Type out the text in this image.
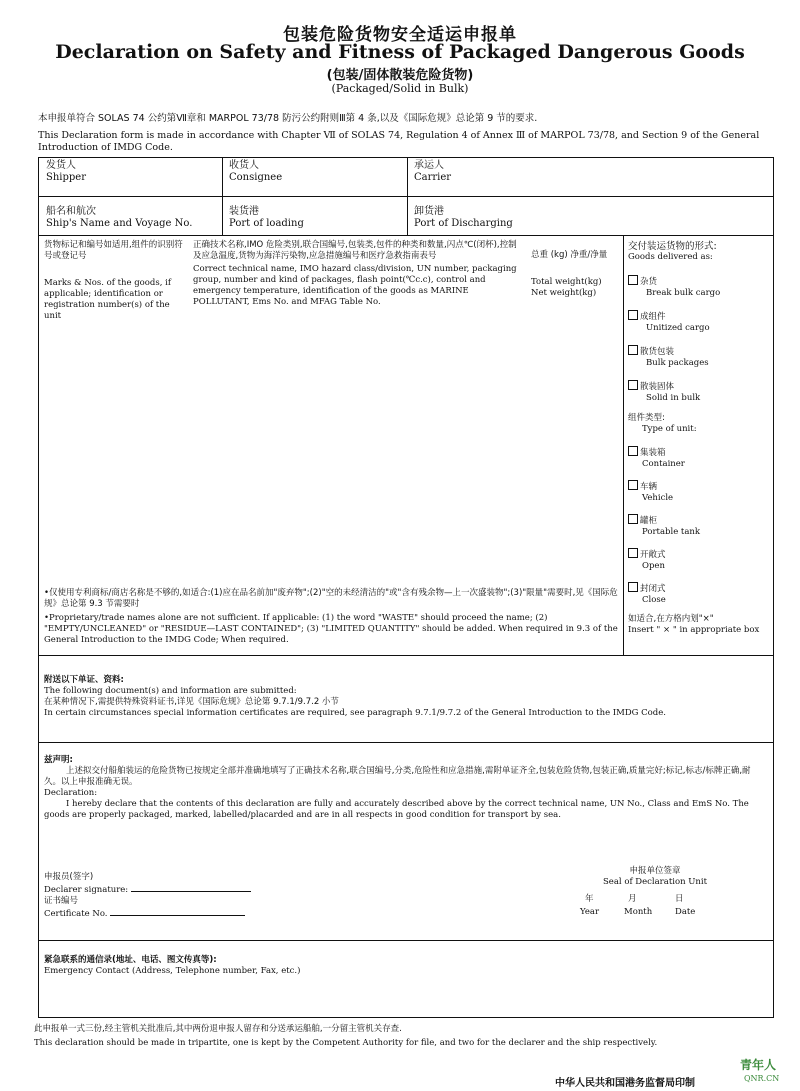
包装危险货物安全适运申报单
Declaration on Safety and Fitness of Packaged Dangerous Goods
(包装/固体散装危险货物)
(Packaged/Solid in Bulk)
本申报单符合 SOLAS 74 公约第Ⅶ章和 MARPOL 73/78 防污公约附则Ⅲ第 4 条,以及《国际危规》总论第 9 节的要求.
This Declaration form is made in accordance with Chapter Ⅶ of SOLAS 74, Regulation 4 of Annex Ⅲ of MARPOL 73/78, and Section 9 of the General Introduction of IMDG Code.
发货人
Shipper
收货人
Consignee
承运人
Carrier
船名和航次
Ship's Name and Voyage No.
装货港
Port of loading
卸货港
Port of Discharging
货物标记和编号如适用,组件的识别符号或登记号
Marks & Nos. of the goods, if applicable; identification or registration number(s) of the unit
正确技术名称,IMO 危险类别,联合国编号,包装类,包件的种类和数量,闪点℃(闭杯),控制及应急温度,货物为海洋污染物,应急措施编号和医疗急救指南表号
Correct technical name, IMO hazard class/division, UN number, packaging group, number and kind of packages, flash point(℃c.c), control and emergency temperature, identification of the goods as MARINE POLLUTANT, Ems No. and MFAG Table No.
总重 (kg) 净重/净量
Total weight(kg)
Net weight(kg)
•仅使用专利商标/商店名称是不够的,如适合:(1)应在品名前加"废弃物";(2)"空的未经清洁的"或"含有残余物—上一次盛装物";(3)"限量"需要时,见《国际危规》总论第 9.3 节需要时
•Proprietary/trade names alone are not sufficient. If applicable: (1) the word "WASTE" should proceed the name; (2) "EMPTY/UNCLEANED" or "RESIDUE—LAST CONTAINED"; (3) "LIMITED QUANTITY" should be added. When required in 9.3 of the General Introduction to the IMDG Code; When required.
交付装运货物的形式:
Goods delivered as:
杂货
Break bulk cargo
成组件
Unitized cargo
散货包装
Bulk packages
散装固体
Solid in bulk
组件类型:
Type of unit:
集装箱
Container
车辆
Vehicle
罐柜
Portable tank
开敞式
Open
封闭式
Close
如适合,在方格内划"×"
Insert " × " in appropriate box
附送以下单证、资料:
The following document(s) and information are submitted:
在某种情况下,需提供特殊资料证书,详见《国际危规》总论第 9.7.1/9.7.2 小节
In certain circumstances special information certificates are required, see paragraph 9.7.1/9.7.2 of the General Introduction to the IMDG Code.
兹声明:
上述拟交付船舶装运的危险货物已按规定全部并准确地填写了正确技术名称,联合国编号,分类,危险性和应急措施,需附单证齐全,包装危险货物,包装正确,质量完好;标记,标志/标牌正确,耐久。以上申报准确无误。
Declaration:
I hereby declare that the contents of this declaration are fully and accurately described above by the correct technical name, UN No., Class and EmS No. The goods are properly packaged, marked, labelled/placarded and are in all respects in good condition for transport by sea.
申报员(签字)
Declarer signature:
证书编号
Certificate No.
申报单位签章
Seal of Declaration Unit
年	月	日
Year	Month	Date
紧急联系的通信录(地址、电话、图文传真等):
Emergency Contact (Address, Telephone number, Fax, etc.)
此申报单一式三份,经主管机关批准后,其中两份退申报人留存和分送承运船舶,一分留主管机关存查.
This declaration should be made in tripartite, one is kept by the Competent Authority for file, and two for the declarer and the ship respectively.
中华人民共和国港务监督局印制
青年人
QNR.CN
